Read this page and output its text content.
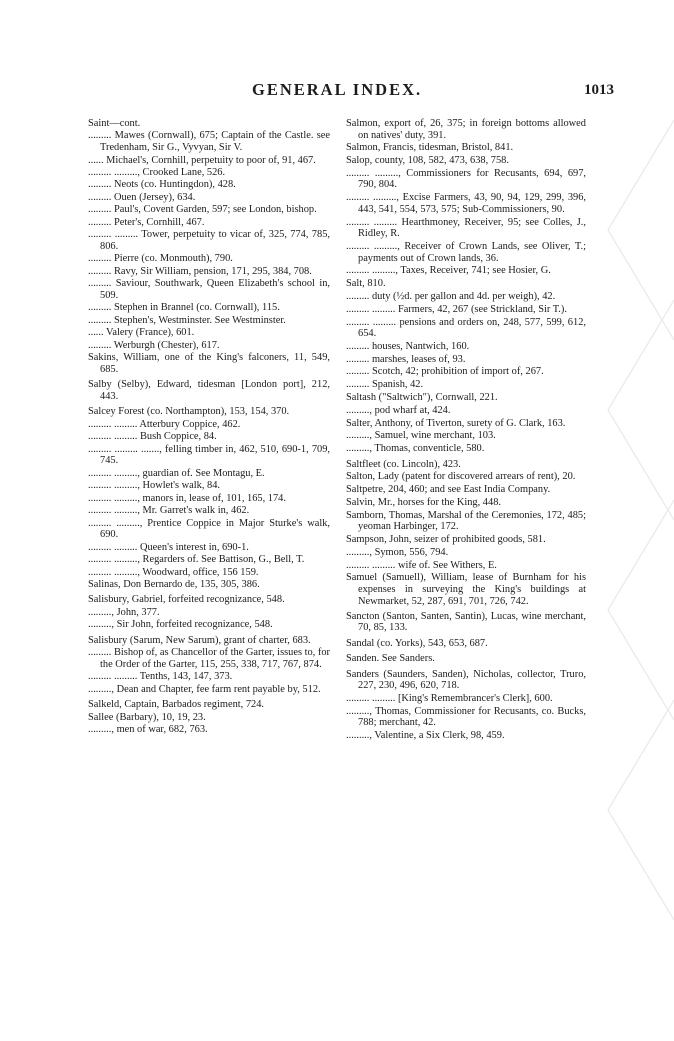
GENERAL INDEX.	1013

Saint—cont.

......... Mawes (Cornwall), 675; Captain of the Castle. see Tredenham, Sir G., Vyvyan, Sir V.

...... Michael's, Cornhill, perpetuity to poor of, 91, 467.

......... ........., Crooked Lane, 526.

......... Neots (co. Huntingdon), 428.

......... Ouen (Jersey), 634.

......... Paul's, Covent Garden, 597; see London, bishop.

......... Peter's, Cornhill, 467.

......... ......... Tower, perpetuity to vicar of, 325, 774, 785, 806.

......... Pierre (co. Monmouth), 790.

......... Ravy, Sir William, pension, 171, 295, 384, 708.

......... Saviour, Southwark, Queen Elizabeth's school in, 509.

......... Stephen in Brannel (co. Cornwall), 115.

......... Stephen's, Westminster. See Westminster.

...... Valery (France), 601.

......... Werburgh (Chester), 617.

Sakins, William, one of the King's falconers, 11, 549, 685.

Salby (Selby), Edward, tidesman [London port], 212, 443.

Salcey Forest (co. Northampton), 153, 154, 370.

......... ......... Atterbury Coppice, 462.

......... ......... Bush Coppice, 84.

......... ......... ......., felling timber in, 462, 510, 690-1, 709, 745.

......... ........., guardian of. See Montagu, E.

......... ........., Howlet's walk, 84.

......... ........., manors in, lease of, 101, 165, 174.

......... ........., Mr. Garret's walk in, 462.

......... ........., Prentice Coppice in Major Sturke's walk, 690.

......... ......... Queen's interest in, 690-1.

......... ........., Regarders of. See Battison, G., Bell, T.

......... ........., Woodward, office, 156 159.

Salinas, Don Bernardo de, 135, 305, 386.

Salisbury, Gabriel, forfeited recognizance, 548.

........., John, 377.

........., Sir John, forfeited recognizance, 548.

Salisbury (Sarum, New Sarum), grant of charter, 683.

......... Bishop of, as Chancellor of the Garter, issues to, for the Order of the Garter, 115, 255, 338, 717, 767, 874.

......... ......... Tenths, 143, 147, 373.

........., Dean and Chapter, fee farm rent payable by, 512.

Salkeld, Captain, Barbados regiment, 724.

Sallee (Barbary), 10, 19, 23.

........., men of war, 682, 763.

Salmon, export of, 26, 375; in foreign bottoms allowed on natives' duty, 391.

Salmon, Francis, tidesman, Bristol, 841.

Salop, county, 108, 582, 473, 638, 758.

......... ........., Commissioners for Recusants, 694, 697, 790, 804.

......... ........., Excise Farmers, 43, 90, 94, 129, 299, 396, 443, 541, 554, 573, 575; Sub-Commissioners, 90.

......... ......... Hearthmoney, Receiver, 95; see Colles, J., Ridley, R.

......... ........., Receiver of Crown Lands, see Oliver, T.; payments out of Crown lands, 36.

......... ........., Taxes, Receiver, 741; see Hosier, G.

Salt, 810.

......... duty (½d. per gallon and 4d. per weigh), 42.

......... ......... Farmers, 42, 267 (see Strickland, Sir T.).

......... ......... pensions and orders on, 248, 577, 599, 612, 654.

......... houses, Nantwich, 160.

......... marshes, leases of, 93.

......... Scotch, 42; prohibition of import of, 267.

......... Spanish, 42.

Saltash ("Saltwich"), Cornwall, 221.

........., pod wharf at, 424.

Salter, Anthony, of Tiverton, surety of G. Clark, 163.

........., Samuel, wine merchant, 103.

........., Thomas, conventicle, 580.

Saltfleet (co. Lincoln), 423.

Salton, Lady (patent for discovered arrears of rent), 20.

Saltpetre, 204, 460; and see East India Company.

Salvin, Mr., horses for the King, 448.

Samborn, Thomas, Marshal of the Ceremonies, 172, 485; yeoman Harbinger, 172.

Sampson, John, seizer of prohibited goods, 581.

........., Symon, 556, 794.

......... ......... wife of. See Withers, E.

Samuel (Samuell), William, lease of Burnham for his expenses in surveying the King's buildings at Newmarket, 52, 287, 691, 701, 726, 742.

Sancton (Santon, Santen, Santin), Lucas, wine merchant, 70, 85, 133.

Sandal (co. Yorks), 543, 653, 687.

Sanden. See Sanders.

Sanders (Saunders, Sanden), Nicholas, collector, Truro, 227, 230, 496, 620, 718.

......... ......... [King's Remembrancer's Clerk], 600.

........., Thomas, Commissioner for Recusants, co. Bucks, 788; merchant, 42.

........., Valentine, a Six Clerk, 98, 459.
